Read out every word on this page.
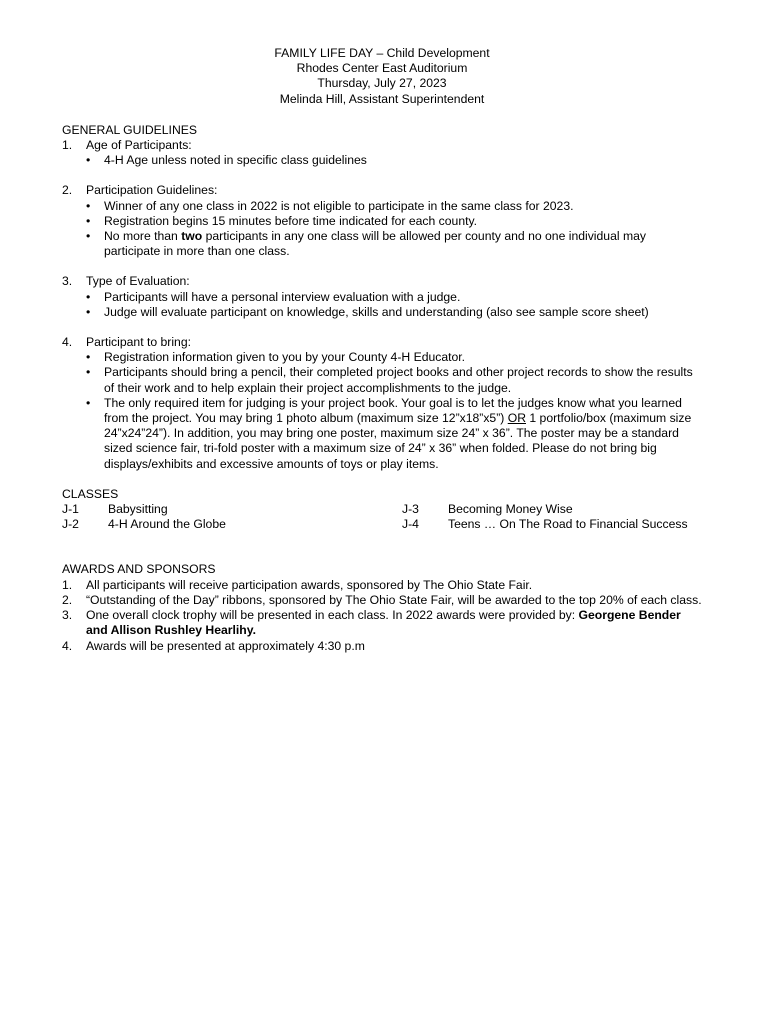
FAMILY LIFE DAY – Child Development
Rhodes Center East Auditorium
Thursday, July 27, 2023
Melinda Hill, Assistant Superintendent
GENERAL GUIDELINES
1.	Age of Participants:
•	4-H Age unless noted in specific class guidelines
2.	Participation Guidelines:
•	Winner of any one class in 2022 is not eligible to participate in the same class for 2023.
•	Registration begins 15 minutes before time indicated for each county.
•	No more than two participants in any one class will be allowed per county and no one individual may participate in more than one class.
3.	Type of Evaluation:
•	Participants will have a personal interview evaluation with a judge.
•	Judge will evaluate participant on knowledge, skills and understanding (also see sample score sheet)
4.	Participant to bring:
•	Registration information given to you by your County 4-H Educator.
•	Participants should bring a pencil, their completed project books and other project records to show the results of their work and to help explain their project accomplishments to the judge.
•	The only required item for judging is your project book. Your goal is to let the judges know what you learned from the project. You may bring 1 photo album (maximum size 12”x18”x5”) OR 1 portfolio/box (maximum size 24”x24”24”). In addition, you may bring one poster, maximum size 24” x 36”. The poster may be a standard sized science fair, tri-fold poster with a maximum size of 24” x 36” when folded. Please do not bring big displays/exhibits and excessive amounts of toys or play items.
CLASSES
J-1	Babysitting	J-3	Becoming Money Wise
J-2	4-H Around the Globe	J-4	Teens … On The Road to Financial Success
AWARDS AND SPONSORS
1.	All participants will receive participation awards, sponsored by The Ohio State Fair.
2.	“Outstanding of the Day” ribbons, sponsored by The Ohio State Fair, will be awarded to the top 20% of each class.
3.	One overall clock trophy will be presented in each class. In 2022 awards were provided by: Georgene Bender and Allison Rushley Hearlihy.
4.	Awards will be presented at approximately 4:30 p.m
